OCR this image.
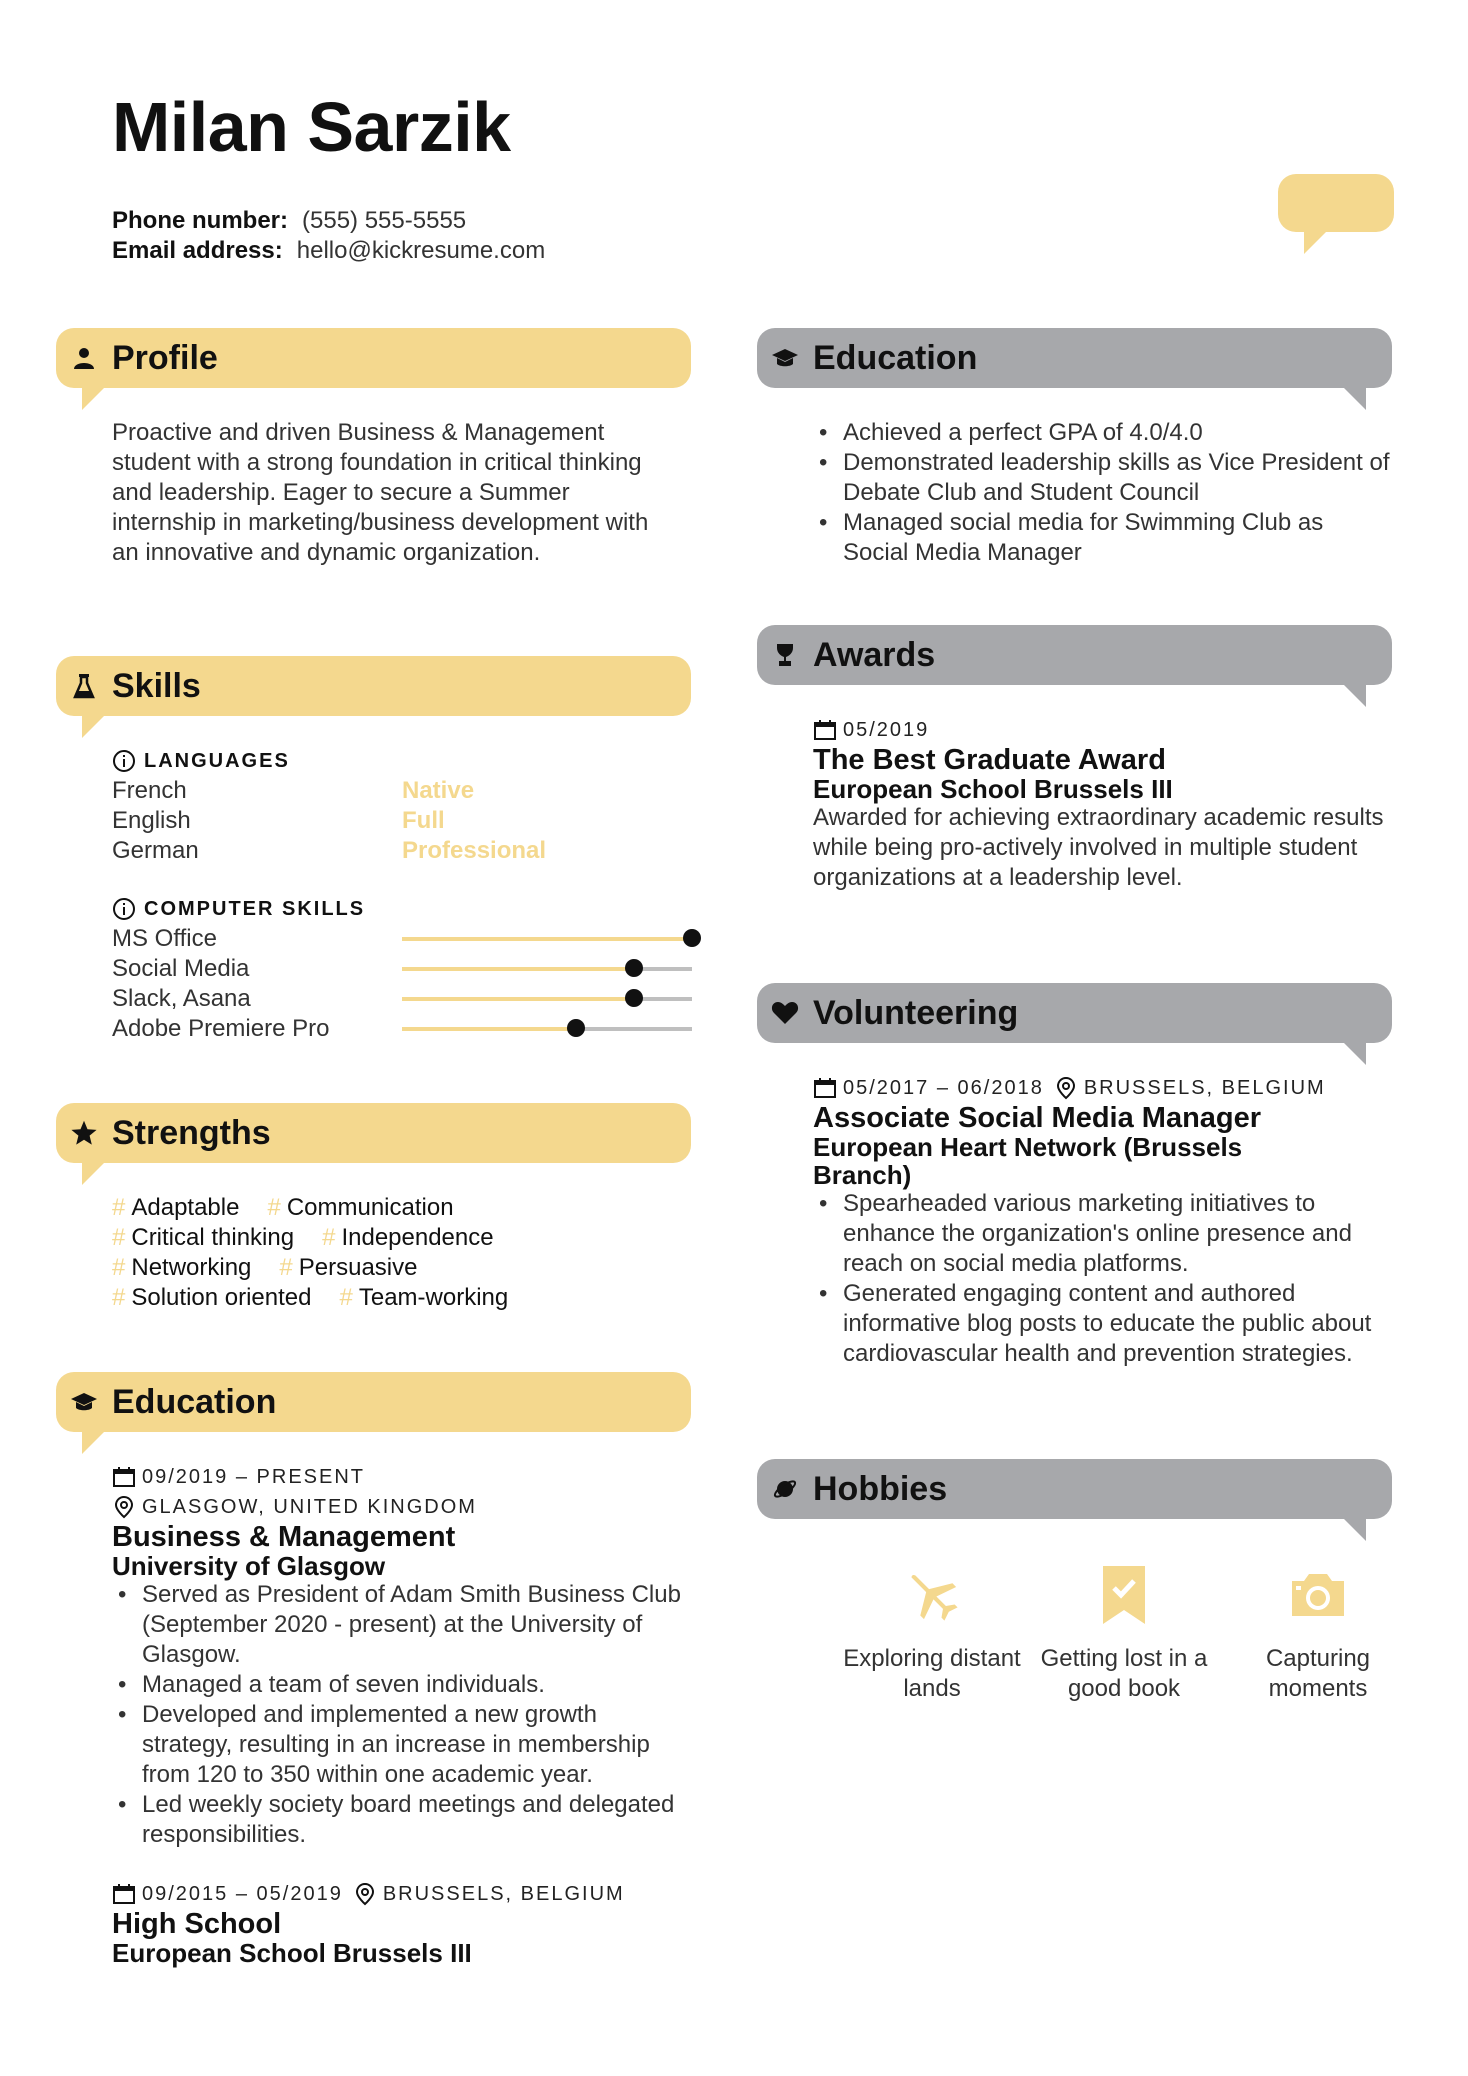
Milan Sarzik
Phone number: (555) 555-5555
Email address: hello@kickresume.com
Profile
Proactive and driven Business & Management student with a strong foundation in critical thinking and leadership. Eager to secure a Summer internship in marketing/business development with an innovative and dynamic organization.
Skills
LANGUAGES
French	Native
English	Full
German	Professional
COMPUTER SKILLS
MS Office
Social Media
Slack, Asana
Adobe Premiere Pro
Strengths
# Adaptable # Communication
# Critical thinking # Independence
# Networking # Persuasive
# Solution oriented # Team-working
Education
09/2019 – PRESENT
GLASGOW, UNITED KINGDOM
Business & Management
University of Glasgow
• Served as President of Adam Smith Business Club (September 2020 - present) at the University of Glasgow.
• Managed a team of seven individuals.
• Developed and implemented a new growth strategy, resulting in an increase in membership from 120 to 350 within one academic year.
• Led weekly society board meetings and delegated responsibilities.
09/2015 – 05/2019 BRUSSELS, BELGIUM
High School
European School Brussels III
Education
• Achieved a perfect GPA of 4.0/4.0
• Demonstrated leadership skills as Vice President of Debate Club and Student Council
• Managed social media for Swimming Club as Social Media Manager
Awards
05/2019
The Best Graduate Award
European School Brussels III
Awarded for achieving extraordinary academic results while being pro-actively involved in multiple student organizations at a leadership level.
Volunteering
05/2017 – 06/2018 BRUSSELS, BELGIUM
Associate Social Media Manager
European Heart Network (Brussels Branch)
• Spearheaded various marketing initiatives to enhance the organization's online presence and reach on social media platforms.
• Generated engaging content and authored informative blog posts to educate the public about cardiovascular health and prevention strategies.
Hobbies
Exploring distant lands
Getting lost in a good book
Capturing moments
